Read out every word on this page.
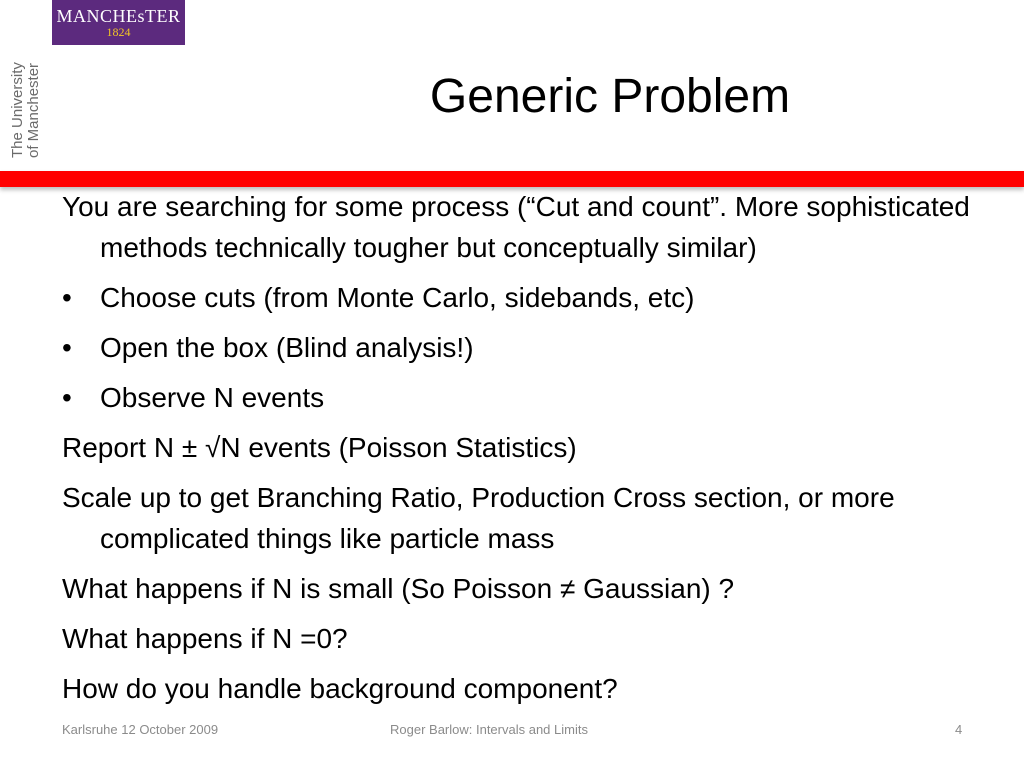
MANCHEsTER
1824
The University of Manchester	Generic Problem

You are searching for some process (“Cut and count”. More sophisticated methods technically tougher but conceptually similar)

• Choose cuts (from Monte Carlo, sidebands, etc)
• Open the box (Blind analysis!)
• Observe N events

Report N ± √N events (Poisson Statistics)

Scale up to get Branching Ratio, Production Cross section, or more complicated things like particle mass

What happens if N is small (So Poisson ≠ Gaussian) ?

What happens if N =0?

How do you handle background component?

Karlsruhe 12 October 2009	Roger Barlow: Intervals and Limits	4
